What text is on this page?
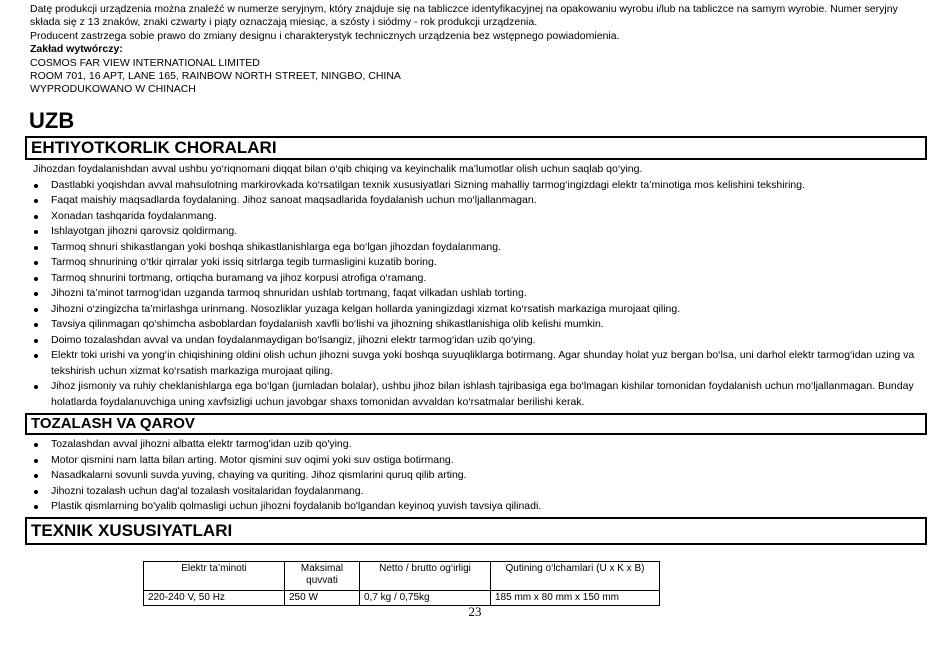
Datę produkcji urządzenia można znaleźć w numerze seryjnym, który znajduje się na tabliczce identyfikacyjnej na opakowaniu wyrobu i/lub na tabliczce na samym wyrobie. Numer seryjny składa się z 13 znaków, znaki czwarty i piąty oznaczają miesiąc, a szósty i siódmy - rok produkcji urządzenia.

Producent zastrzega sobie prawo do zmiany designu i charakterystyk technicznych urządzenia bez wstępnego powiadomienia.

Zakład wytwórczy:

COSMOS FAR VIEW INTERNATIONAL LIMITED

ROOM 701, 16 APT, LANE 165, RAINBOW NORTH STREET, NINGBO, CHINA

WYPRODUKOWANO W CHINACH

UZB
EHTIYOTKORLIK CHORALARI

Jihozdan foydalanishdan avval ushbu yo‘riqnomani diqqat bilan o‘qib chiqing va keyinchalik ma’lumotlar olish uchun saqlab qo‘ying.

Dastlabki yoqishdan avval mahsulotning markirovkada ko‘rsatilgan texnik xususiyatlari Sizning mahalliy tarmog‘ingizdagi elektr ta’minotiga mos kelishini tekshiring.
Faqat maishiy maqsadlarda foydalaning. Jihoz sanoat maqsadlarida foydalanish uchun mo‘ljallanmagan.
Xonadan tashqarida foydalanmang.
Ishlayotgan jihozni qarovsiz qoldirmang.
Tarmoq shnuri shikastlangan yoki boshqa shikastlanishlarga ega bo‘lgan jihozdan foydalanmang.
Tarmoq shnurining o‘tkir qirralar yoki issiq sitrlarga tegib turmasligini kuzatib boring.
Tarmoq shnurini tortmang, ortiqcha buramang va jihoz korpusi atrofiga o‘ramang.
Jihozni ta’minot tarmog‘idan uzganda tarmoq shnuridan ushlab tortmang, faqat vilkadan ushlab torting.
Jihozni o‘zingizcha ta’mirlashga urinmang. Nosozliklar yuzaga kelgan hollarda yaningizdagi xizmat ko‘rsatish markaziga murojaat qiling.
Tavsiya qilinmagan qo‘shimcha asboblardan foydalanish xavfli bo‘lishi va jihozning shikastlanishiga olib kelishi mumkin.
Doimo tozalashdan avval va undan foydalanmaydigan bo‘lsangiz, jihozni elektr tarmog‘idan uzib qo‘ying.
Elektr toki urishi va yong‘in chiqishining oldini olish uchun jihozni suvga yoki boshqa suyuqliklarga botirmang. Agar shunday holat yuz bergan bo‘lsa, uni darhol elektr tarmog‘idan uzing va tekshirish uchun xizmat ko‘rsatish markaziga murojaat qiling.
Jihoz jismoniy va ruhiy cheklanishlarga ega bo‘lgan (jumladan bolalar), ushbu jihoz bilan ishlash tajribasiga ega bo‘lmagan kishilar tomonidan foydalanish uchun mo‘ljallanmagan. Bunday holatlarda foydalanuvchiga uning xavfsizligi uchun javobgar shaxs tomonidan avvaldan ko‘rsatmalar berilishi kerak.
TOZALASH VA QAROV
Tozalashdan avval jihozni albatta elektr tarmog'idan uzib qo'ying.
Motor qismini nam latta bilan arting. Motor qismini suv oqimi yoki suv ostiga botirmang.
Nasadkalarni sovunli suvda yuving, chaying va quriting. Jihoz qismlarini quruq qilib arting.
Jihozni tozalash uchun dag'al tozalash vositalaridan foydalanmang.
Plastik qismlarning bo'yalib qolmasligi uchun jihozni foydalanib bo'lgandan keyinoq yuvish tavsiya qilinadi.
TEXNIK XUSUSIYATLARI
Elektr ta’minoti	Maksimal quvvati	Netto / brutto og‘irligi	Qutining o‘lchamlari (U x K x B)
220-240 V, 50 Hz	250 W	0,7 kg / 0,75kg	185 mm x 80 mm x 150 mm
23
